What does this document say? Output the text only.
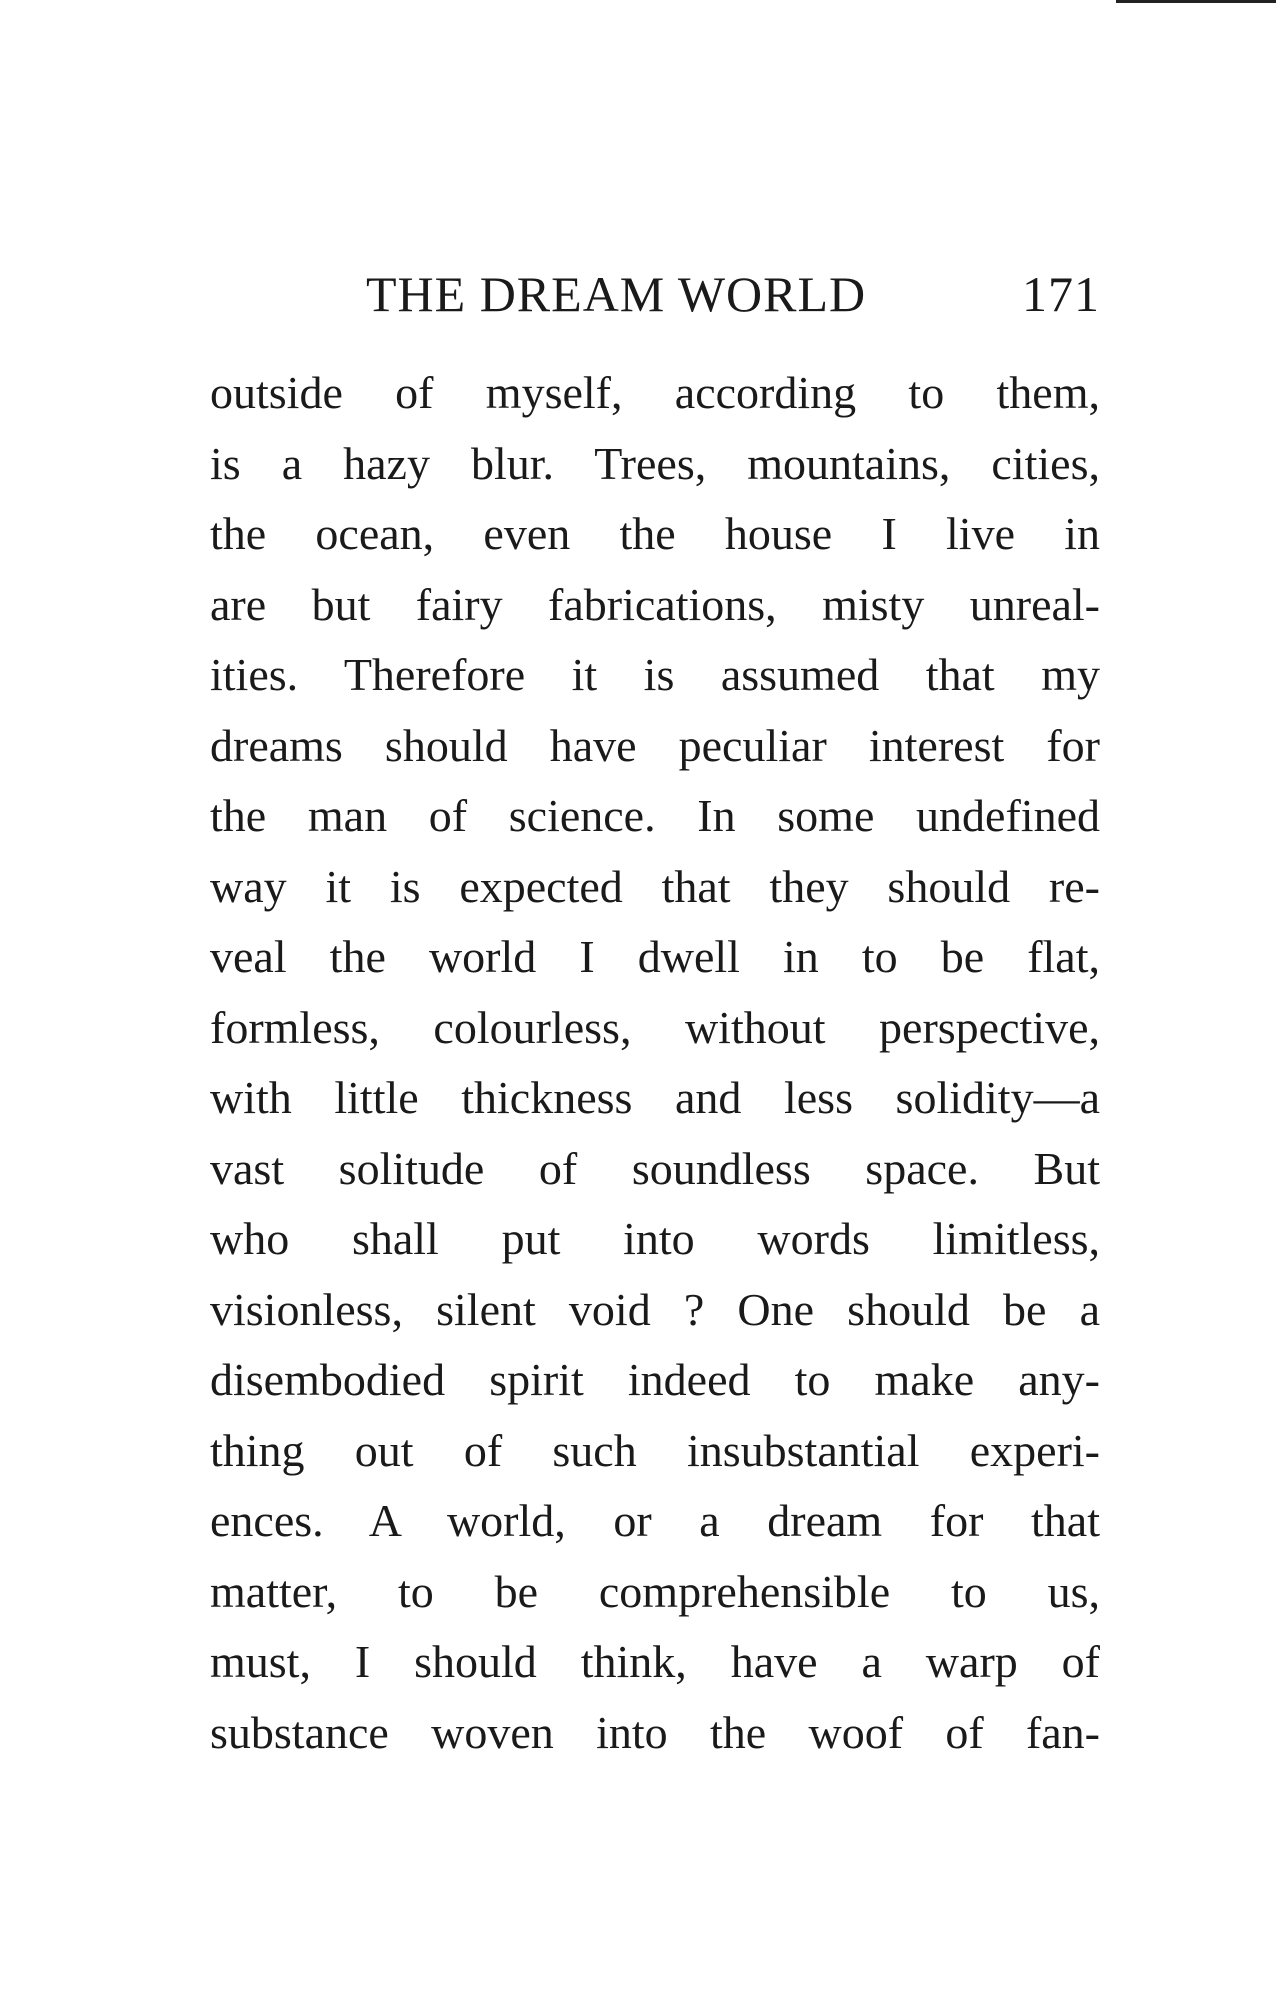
THE DREAM WORLD	171
outside of myself, according to them,
is a hazy blur. Trees, mountains, cities,
the ocean, even the house I live in
are but fairy fabrications, misty unreal-
ities. Therefore it is assumed that my
dreams should have peculiar interest for
the man of science. In some undefined
way it is expected that they should re-
veal the world I dwell in to be flat,
formless, colourless, without perspective,
with little thickness and less solidity—a
vast solitude of soundless space. But
who shall put into words limitless,
visionless, silent void ? One should be a
disembodied spirit indeed to make any-
thing out of such insubstantial experi-
ences. A world, or a dream for that
matter, to be comprehensible to us,
must, I should think, have a warp of
substance woven into the woof of fan-
